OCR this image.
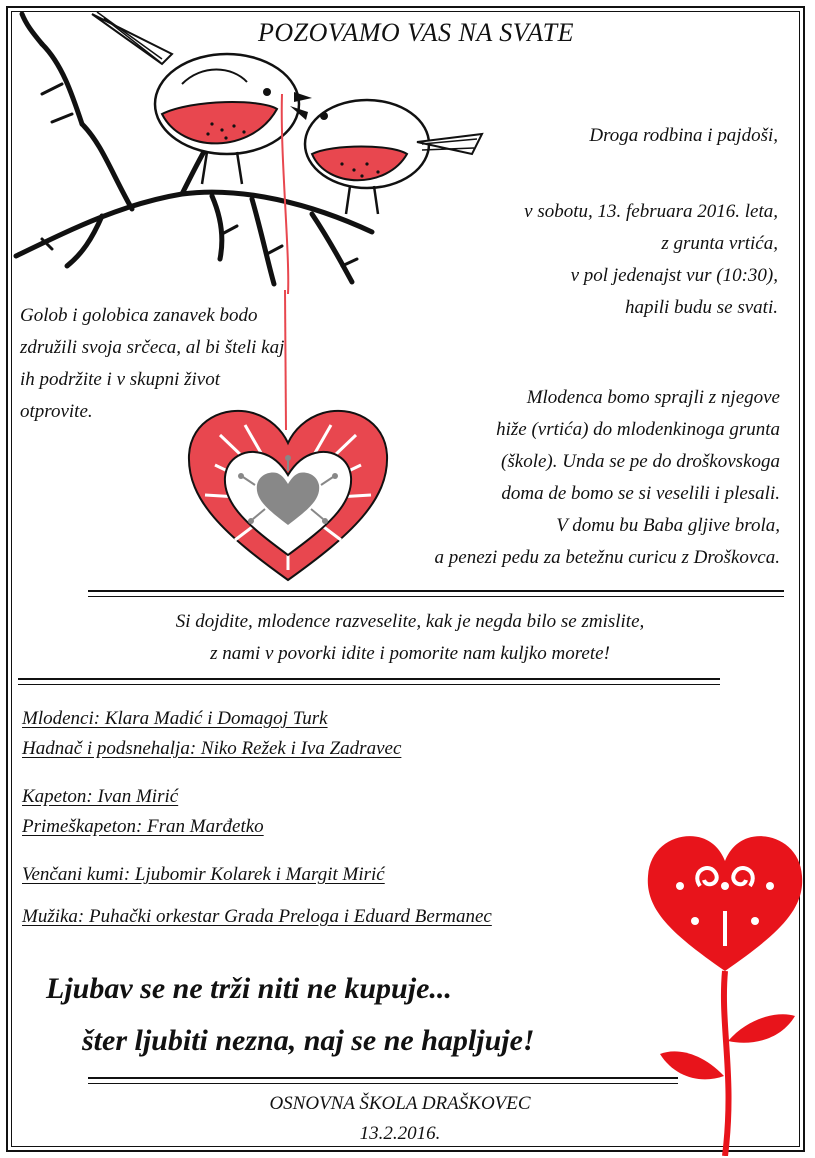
POZOVAMO VAS NA SVATE
Droga rodbina i pajdoši,
v sobotu, 13. februara 2016. leta,
z grunta vrtića,
v pol jedenajst vur (10:30),
hapili budu se svati.
Golob i golobica zanavek bodo
združili svoja srčeca, al bi šteli kaj
ih podržite i v skupni život
otprovite.
Mlodenca bomo sprajli z njegove
hiže (vrtića) do mlodenkinoga grunta
(škole). Unda se pe do droškovskoga
doma de bomo se si veselili i plesali.
V domu bu Baba gljive brola,
a penezi pedu za betežnu curicu z Droškovca.
Si dojdite, mlodence razveselite, kak je negda bilo se zmislite,
z nami v povorki idite i pomorite nam kuljko morete!
Mlodenci: Klara Madić i Domagoj Turk
Hadnač i podsnehalja: Niko Režek i Iva Zadravec
Kapeton: Ivan Mirić
Primeškapeton: Fran Marđetko
Venčani kumi: Ljubomir Kolarek i Margit Mirić
Mužika: Puhački orkestar Grada Preloga i Eduard Bermanec
Ljubav se ne trži niti ne kupuje...
šter ljubiti nezna, naj se ne hapljuje!
OSNOVNA ŠKOLA DRAŠKOVEC
13.2.2016.
